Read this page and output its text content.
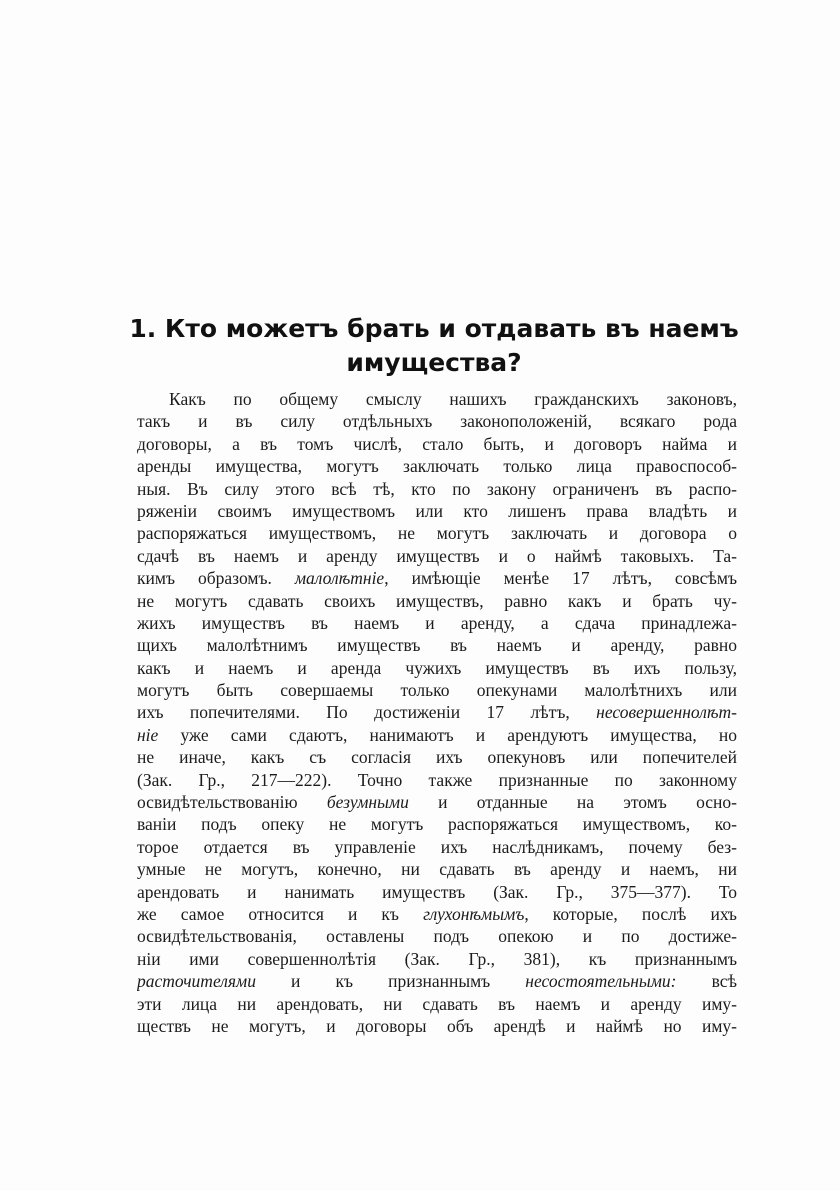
1. Кто можетъ брать и отдавать въ наемъ
имущества?
Какъ по общему смыслу нашихъ гражданскихъ законовъ,
такъ и въ силу отдѣльныхъ законоположеній, всякаго рода
договоры, а въ томъ числѣ, стало быть, и договоръ найма и
аренды имущества, могутъ заключать только лица правоспособ-
ныя. Въ силу этого всѣ тѣ, кто по закону ограниченъ въ распо-
ряженіи своимъ имуществомъ или кто лишенъ права владѣть и
распоряжаться имуществомъ, не могутъ заключать и договора о
сдачѣ въ наемъ и аренду имуществъ и о наймѣ таковыхъ. Та-
кимъ образомъ. малолѣтніе, имѣющіе менѣе 17 лѣтъ, совсѣмъ
не могутъ сдавать своихъ имуществъ, равно какъ и брать чу-
жихъ имуществъ въ наемъ и аренду, а сдача принадлежа-
щихъ малолѣтнимъ имуществъ въ наемъ и аренду, равно
какъ и наемъ и аренда чужихъ имуществъ въ ихъ пользу,
могутъ быть совершаемы только опекунами малолѣтнихъ или
ихъ попечителями. По достиженіи 17 лѣтъ, несовершеннолѣт-
ніе уже сами сдаютъ, нанимаютъ и арендуютъ имущества, но
не иначе, какъ съ согласія ихъ опекуновъ или попечителей
(Зак. Гр., 217—222). Точно также признанные по законному
освидѣтельствованію безумными и отданные на этомъ осно-
ваніи подъ опеку не могутъ распоряжаться имуществомъ, ко-
торое отдается въ управленіе ихъ наслѣдникамъ, почему без-
умные не могутъ, конечно, ни сдавать въ аренду и наемъ, ни
арендовать и нанимать имуществъ (Зак. Гр., 375—377). То
же самое относится и къ глухонѣмымъ, которые, послѣ ихъ
освидѣтельствованія, оставлены подъ опекою и по достиже-
ніи ими совершеннолѣтія (Зак. Гр., 381), къ признаннымъ
расточителями и къ признаннымъ несостоятельными: всѣ
эти лица ни арендовать, ни сдавать въ наемъ и аренду иму-
ществъ не могутъ, и договоры объ арендѣ и наймѣ но иму-
